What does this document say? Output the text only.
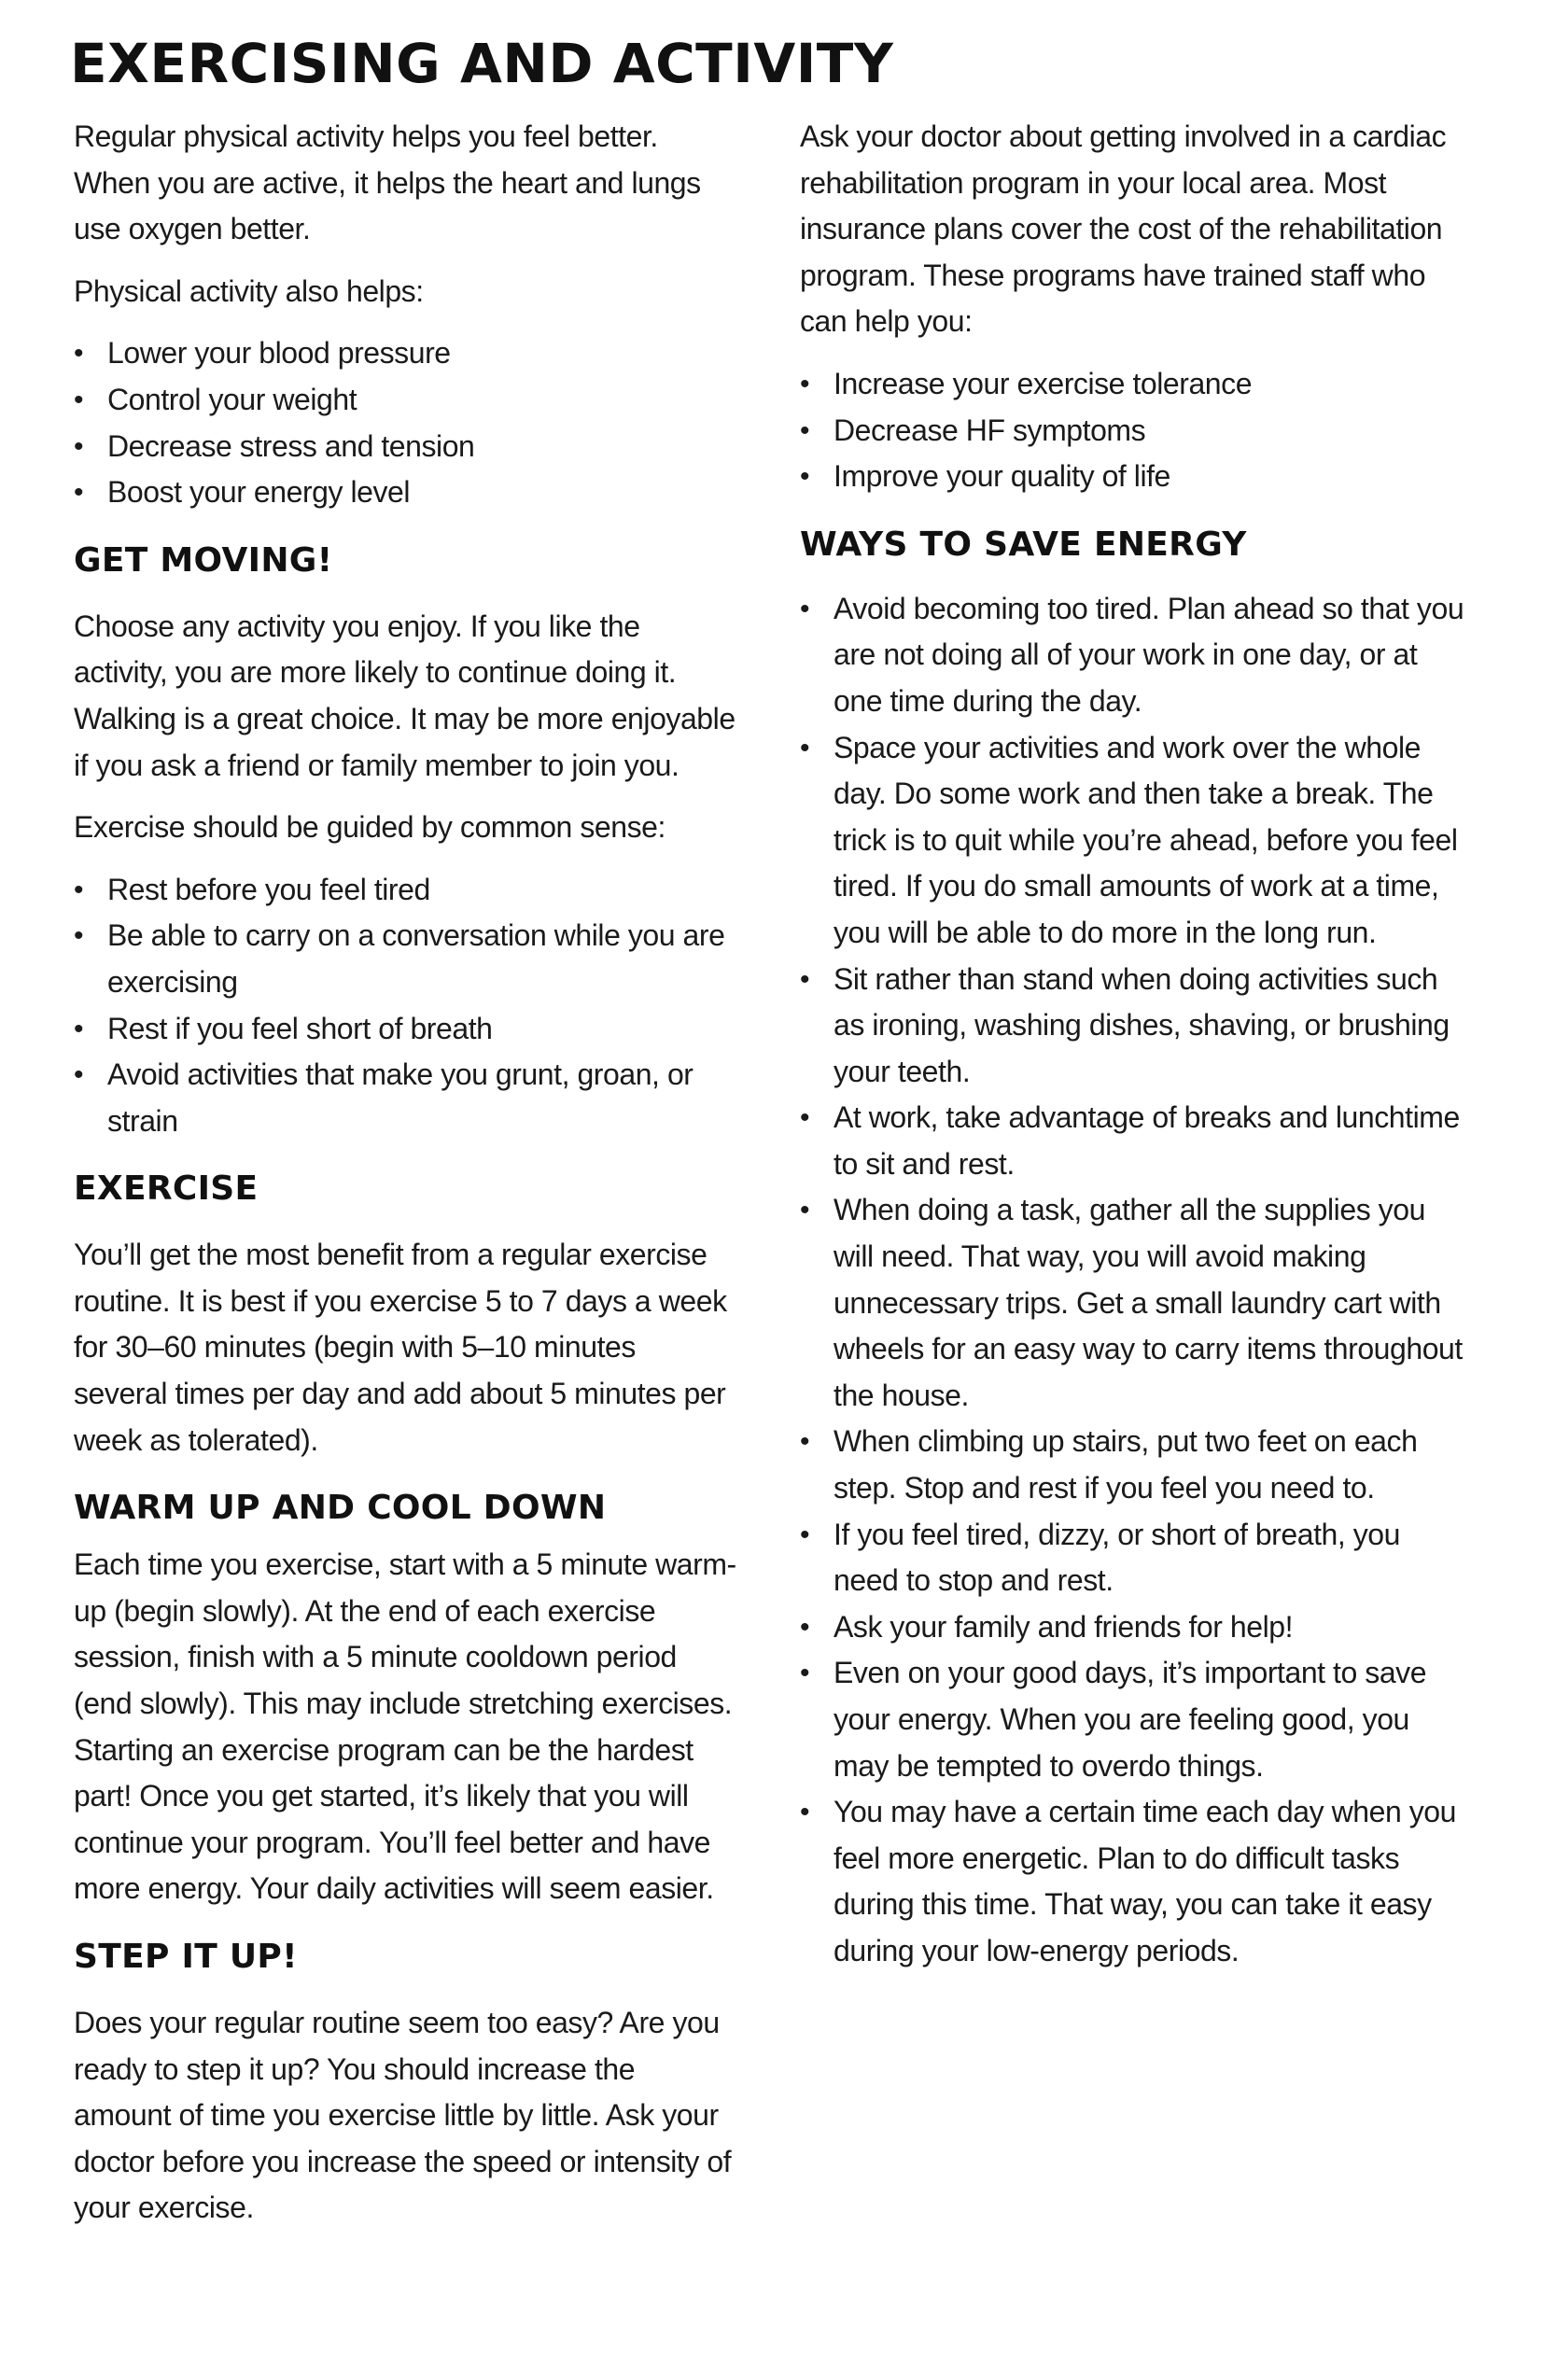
EXERCISING AND ACTIVITY

Regular physical activity helps you feel better. When you are active, it helps the heart and lungs use oxygen better.

Physical activity also helps:

• Lower your blood pressure
• Control your weight
• Decrease stress and tension
• Boost your energy level
GET MOVING!

Choose any activity you enjoy. If you like the activity, you are more likely to continue doing it. Walking is a great choice. It may be more enjoyable if you ask a friend or family member to join you.

Exercise should be guided by common sense:

• Rest before you feel tired
• Be able to carry on a conversation while you are exercising
• Rest if you feel short of breath
• Avoid activities that make you grunt, groan, or strain
EXERCISE

You’ll get the most benefit from a regular exercise routine. It is best if you exercise 5 to 7 days a week for 30–60 minutes (begin with 5–10 minutes several times per day and add about 5 minutes per week as tolerated).

WARM UP AND COOL DOWN

Each time you exercise, start with a 5 minute warm-up (begin slowly). At the end of each exercise session, finish with a 5 minute cooldown period (end slowly). This may include stretching exercises. Starting an exercise program can be the hardest part! Once you get started, it’s likely that you will continue your program. You’ll feel better and have more energy. Your daily activities will seem easier.

STEP IT UP!

Does your regular routine seem too easy? Are you ready to step it up? You should increase the amount of time you exercise little by little. Ask your doctor before you increase the speed or intensity of your exercise.

Ask your doctor about getting involved in a cardiac rehabilitation program in your local area. Most insurance plans cover the cost of the rehabilitation program. These programs have trained staff who can help you:

• Increase your exercise tolerance
• Decrease HF symptoms
• Improve your quality of life
WAYS TO SAVE ENERGY
• Avoid becoming too tired. Plan ahead so that you are not doing all of your work in one day, or at one time during the day.
• Space your activities and work over the whole day. Do some work and then take a break. The trick is to quit while you’re ahead, before you feel tired. If you do small amounts of work at a time, you will be able to do more in the long run.
• Sit rather than stand when doing activities such as ironing, washing dishes, shaving, or brushing your teeth.
• At work, take advantage of breaks and lunchtime to sit and rest.
• When doing a task, gather all the supplies you will need. That way, you will avoid making unnecessary trips. Get a small laundry cart with wheels for an easy way to carry items throughout the house.
• When climbing up stairs, put two feet on each step. Stop and rest if you feel you need to.
• If you feel tired, dizzy, or short of breath, you need to stop and rest.
• Ask your family and friends for help!
• Even on your good days, it’s important to save your energy. When you are feeling good, you may be tempted to overdo things.
• You may have a certain time each day when you feel more energetic. Plan to do difficult tasks during this time. That way, you can take it easy during your low-energy periods.
